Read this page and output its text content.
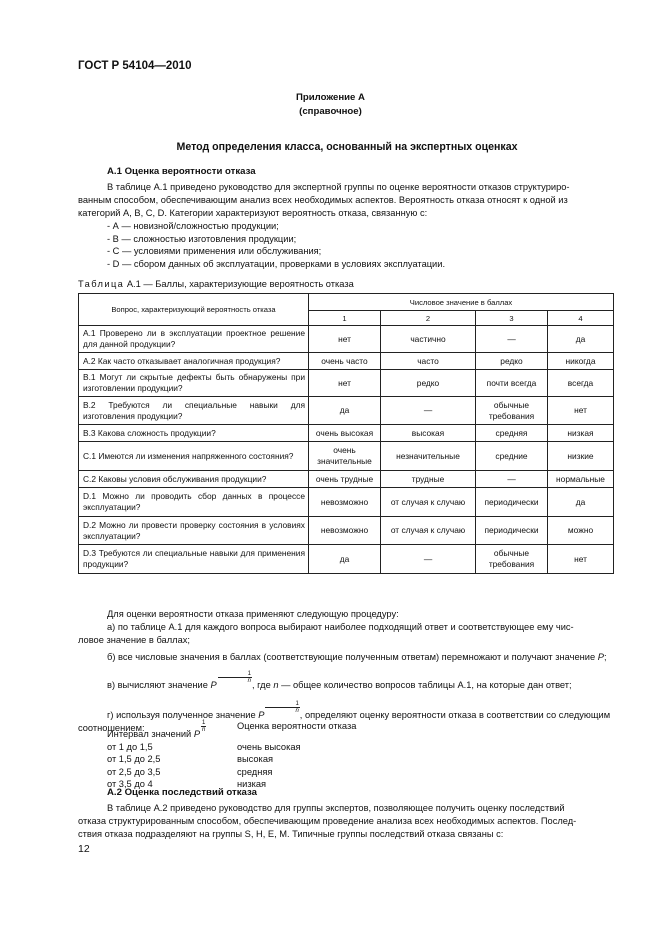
ГОСТ Р 54104—2010
Приложение А
(справочное)
Метод определения класса, основанный на экспертных оценках
А.1 Оценка вероятности отказа
В таблице А.1 приведено руководство для экспертной группы по оценке вероятности отказов структуриро-
ванным способом, обеспечивающим анализ всех необходимых аспектов. Вероятность отказа относят к одной из
категорий А, В, С, D. Категории характеризуют вероятность отказа, связанную с:
- А — новизной/сложностью продукции;
- В — сложностью изготовления продукции;
- С — условиями применения или обслуживания;
- D — сбором данных об эксплуатации, проверками в условиях эксплуатации.
Таблица А.1 — Баллы, характеризующие вероятность отказа
Вопрос, характеризующий вероятность отказа	Числовое значение в баллах			
	1	2	3	4
А.1 Проверено ли в эксплуатации проектное решение для данной продукции?	нет	частично	—	да
А.2 Как часто отказывает аналогичная продукция?	очень часто	часто	редко	никогда
В.1 Могут ли скрытые дефекты быть обнаружены при изготовлении продукции?	нет	редко	почти всегда	всегда
В.2 Требуются ли специальные навыки для изготовления продукции?	да	—	обычные требования	нет
В.3 Какова сложность продукции?	очень высокая	высокая	средняя	низкая
С.1 Имеются ли изменения напряженного состояния?	очень значительные	незначительные	средние	низкие
С.2 Каковы условия обслуживания продукции?	очень трудные	трудные	—	нормальные
D.1 Можно ли проводить сбор данных в процессе эксплуатации?	невозможно	от случая к случаю	периодически	да
D.2 Можно ли провести проверку состояния в условиях эксплуатации?	невозможно	от случая к случаю	периодически	можно
D.3 Требуются ли специальные навыки для применения продукции?	да	—	обычные требования	нет
Для оценки вероятности отказа применяют следующую процедуру:
а) по таблице А.1 для каждого вопроса выбирают наиболее подходящий ответ и соответствующее ему чис-
ловое значение в баллах;
б) все числовые значения в баллах (соответствующие полученным ответам) перемножают и получают значение P;
в) вычисляют значение P
$\frac{1}{n}$
, где n — общее количество вопросов таблицы А.1, на которые дан ответ;
г) используя полученное значение P
$\frac{1}{n}$
, определяют оценку вероятности отказа в соответствии со следующим
соотношением:
Интервал значений P
$\frac{1}{n}$	Оценка вероятности отказа
от 1 до 1,5	очень высокая
от 1,5 до 2,5	высокая
от 2,5 до 3,5	средняя
от 3,5 до 4	низкая
А.2 Оценка последствий отказа
В таблице А.2 приведено руководство для группы экспертов, позволяющее получить оценку последствий
отказа структурированным способом, обеспечивающим проведение анализа всех необходимых аспектов. Послед-
ствия отказа подразделяют на группы S, H, E, M. Типичные группы последствий отказа связаны с:
12
